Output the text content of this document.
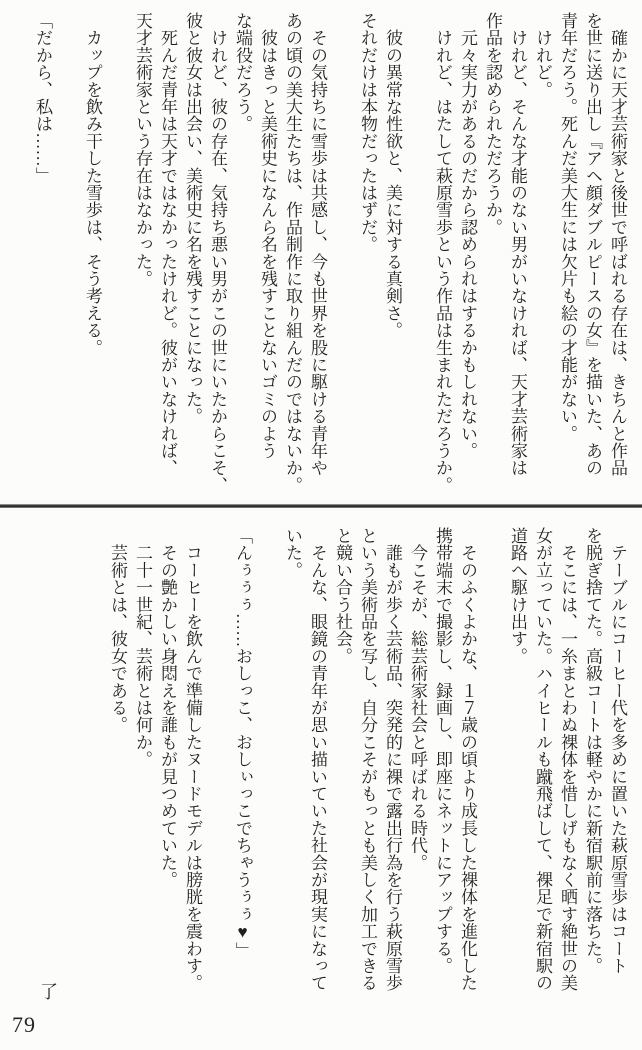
　確かに天才芸術家と後世で呼ばれる存在は、きちんと作品

を世に送り出し『アヘ顔ダブルピースの女』を描いた、あの

青年だろう。死んだ美大生には欠片も絵の才能がない。

　けれど。

　けれど、そんな才能のない男がいなければ、天才芸術家は

作品を認められただろうか。

　元々実力があるのだから認められはするかもしれない。

　けれど、はたして萩原雪歩という作品は生まれただろうか。

　彼の異常な性欲と、美に対する真剣さ。

それだけは本物だったはずだ。

　その気持ちに雪歩は共感し、今も世界を股に駆ける青年や

あの頃の美大生たちは、作品制作に取り組んだのではないか。

　彼はきっと美術史になんら名を残すことないゴミのよう

な端役だろう。

　けれど、彼の存在、気持ち悪い男がこの世にいたからこそ、

彼と彼女は出会い、美術史に名を残すことになった。

　死んだ青年は天才ではなかったけれど。彼がいなければ、

天才芸術家という存在はなかった。

　カップを飲み干した雪歩は、そう考える。

「だから、私は……」

　テーブルにコーヒー代を多めに置いた萩原雪歩はコート

を脱ぎ捨てた。高級コートは軽やかに新宿駅前に落ちた。

　そこには、一糸まとわぬ裸体を惜しげもなく晒す絶世の美

女が立っていた。ハイヒールも蹴飛ばして、裸足で新宿駅の

道路へ駆け出す。

　そのふくよかな、１７歳の頃より成長した裸体を進化した

携帯端末で撮影し、録画し、即座にネットにアップする。

　今こそが、総芸術家社会と呼ばれる時代。

　誰もが歩く芸術品、突発的に裸で露出行為を行う萩原雪歩

という美術品を写し、自分こそがもっとも美しく加工できる

と競い合う社会。

　そんな、眼鏡の青年が思い描いていた社会が現実になって

いた。

「んぅぅぅ……おしっこ、おしぃっこでちゃうぅぅ♥」

　コーヒーを飲んで準備したヌードモデルは膀胱を震わす。

　その艶かしい身悶えを誰もが見つめていた。

　二十一世紀、芸術とは何か。

　芸術とは、彼女である。

了
79
